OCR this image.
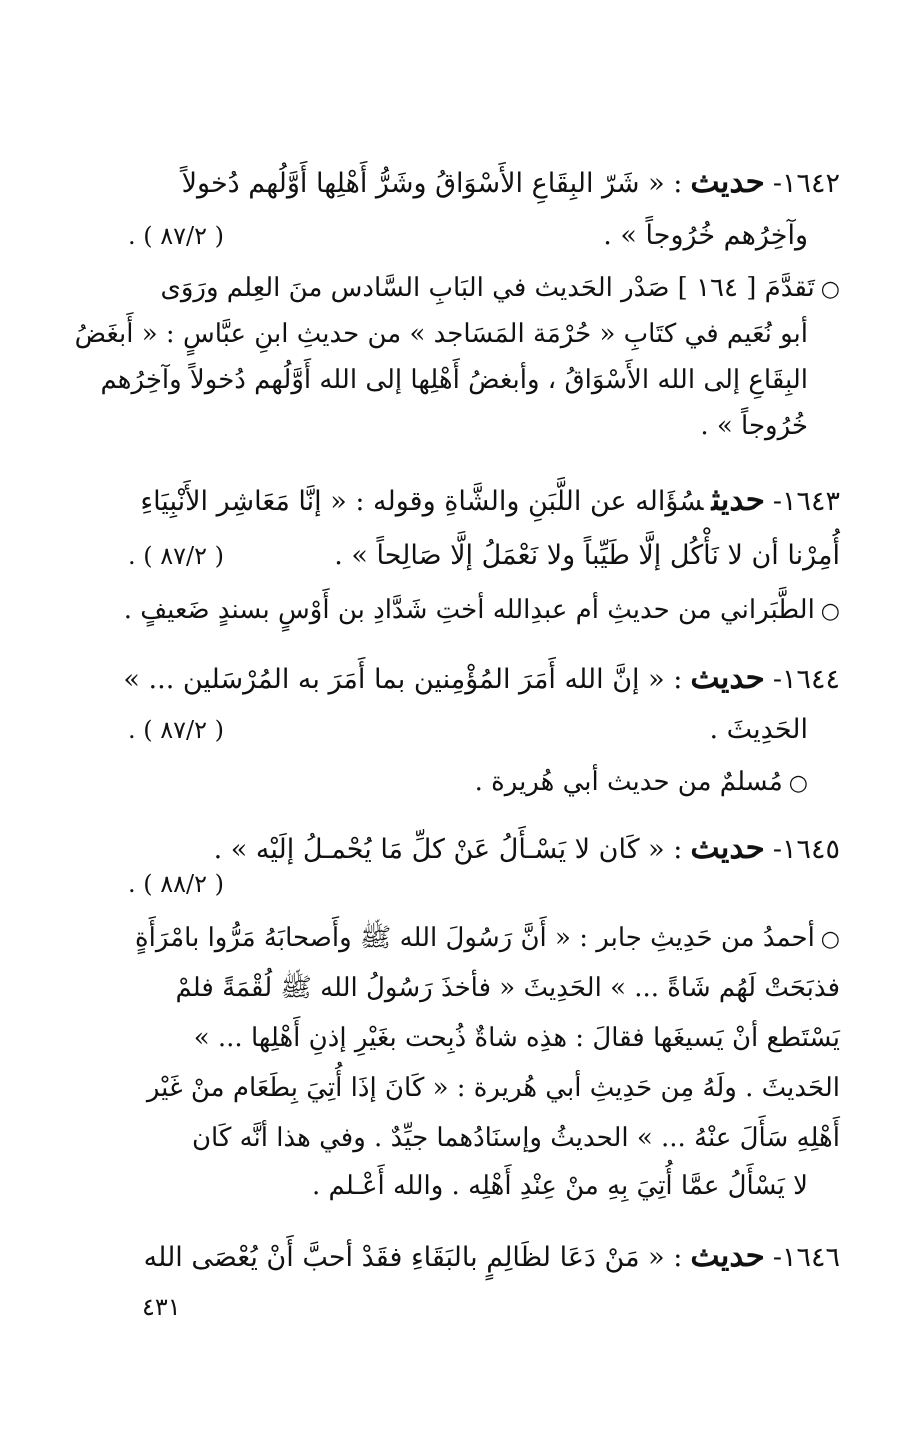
١٦٤٢-حديث: « شَرّ البِقَاعِ الأَسْوَاقُ وشَرُّ أَهْلِها أَوَّلُهم دُخولاً
وآخِرُهم خُرُوجاً » .
( ٨٧/٢ ) .
○تَقدَّمَ [ ١٦٤ ] صَدْر الحَديث في البَابِ السَّادس منَ العِلم ورَوَى
أبو نُعَيم في كتَابِ « حُرْمَة المَسَاجد » من حديثِ ابنِ عبَّاسٍ : « أَبغَضُ
البِقَاعِ إلى الله الأَسْوَاقُ ، وأبغضُ أَهْلِها إلى الله أَوَّلُهم دُخولاً وآخِرُهم
خُرُوجاً » .
١٦٤٣-حديثسُؤَاله عن اللَّبَنِ والشَّاةِ وقوله : « إنَّا مَعَاشِر الأَنْبِيَاءِ
أُمِرْنا أن لا نَأْكُل إلَّا طَيِّباً ولا نَعْمَلُ إلَّا صَالِحاً » .
( ٨٧/٢ ) .
○الطَّبَراني من حديثِ أم عبدِالله أختِ شَدَّادِ بن أَوْسٍ بسندٍ ضَعيفٍ .
١٦٤٤-حديث: « إنَّ الله أَمَرَ المُؤْمِنين بما أَمَرَ به المُرْسَلين ... »
الحَدِيثَ .
( ٨٧/٢ ) .
○مُسلمٌ من حديث أبي هُريرة .
١٦٤٥-حديث: « كَان لا يَسْـأَلُ عَنْ كلِّ مَا يُحْمـلُ إلَيْه » .
( ٨٨/٢ ) .
○أحمدُ من حَدِيثِ جابر : « أَنَّ رَسُولَ الله ﷺ وأَصحابَهُ مَرُّوا بامْرَأَةٍ
فذبَحَتْ لَهُم شَاةً ... » الحَدِيثَ « فأخذَ رَسُولُ الله ﷺ لُقْمَةً فلمْ
يَسْتَطع أنْ يَسيغَها فقالَ : هذِه شاةٌ ذُبِحت بغَيْرِ إذنِ أَهْلِها ... »
الحَديثَ . ولَهُ مِن حَدِيثِ أبي هُريرة : « كَانَ إذَا أُتِيَ بِطَعَام منْ غَيْر
أَهْلِهِ سَأَلَ عنْهُ ... » الحديثُ وإسنَادُهما جيِّدٌ . وفي هذا أنَّه كَان
لا يَسْأَلُ عمَّا أُتِيَ بِهِ منْ عِنْدِ أَهْلِه . والله أَعْـلم .
١٦٤٦-حديث: « مَنْ دَعَا لظَالِمٍ بالبَقَاءِ فقَدْ أحبَّ أَنْ يُعْصَى الله
٤٣١
